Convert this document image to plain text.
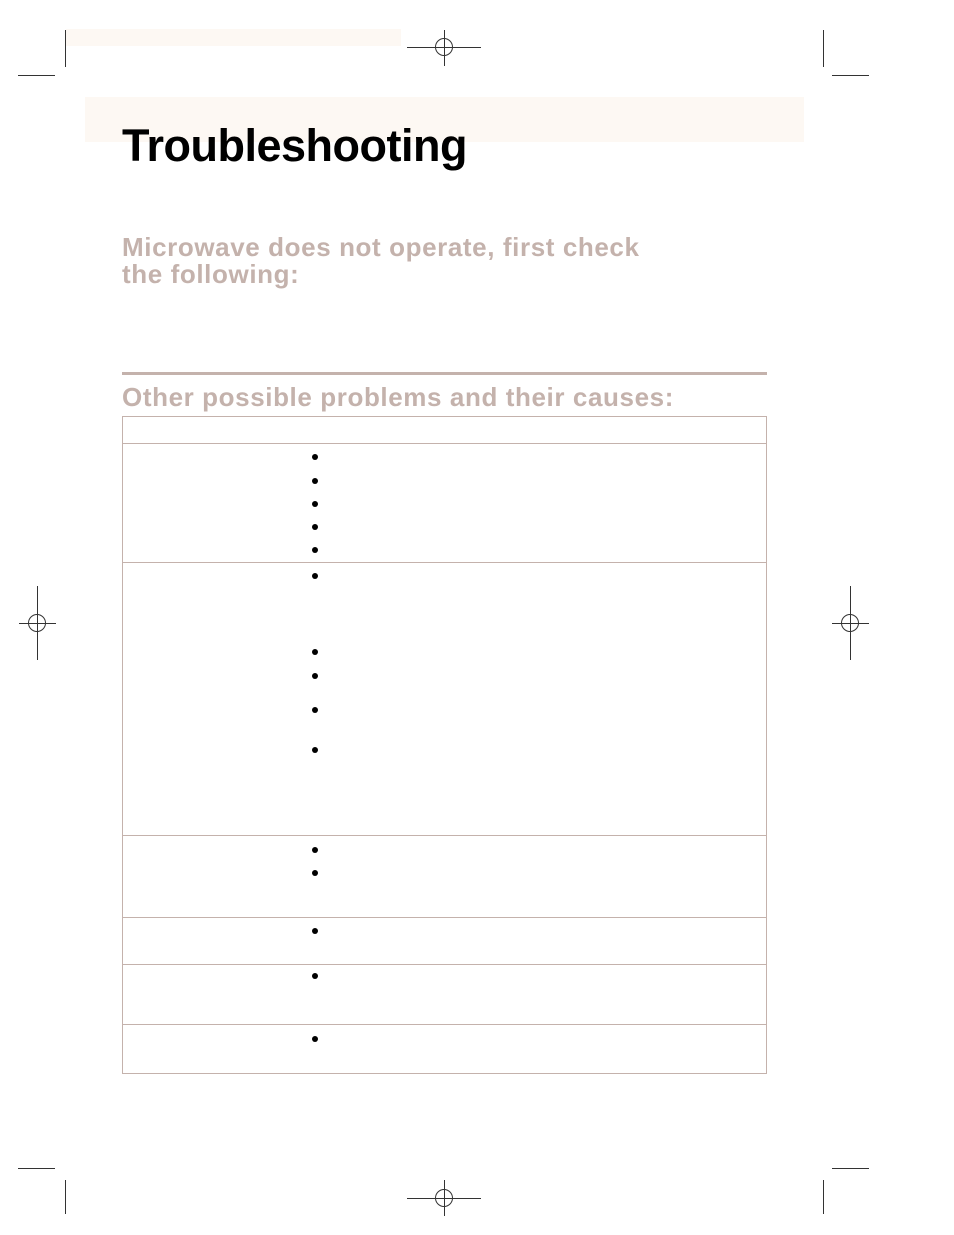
Troubleshooting
Microwave does not operate, first check
the following:
Other possible problems and their causes:
